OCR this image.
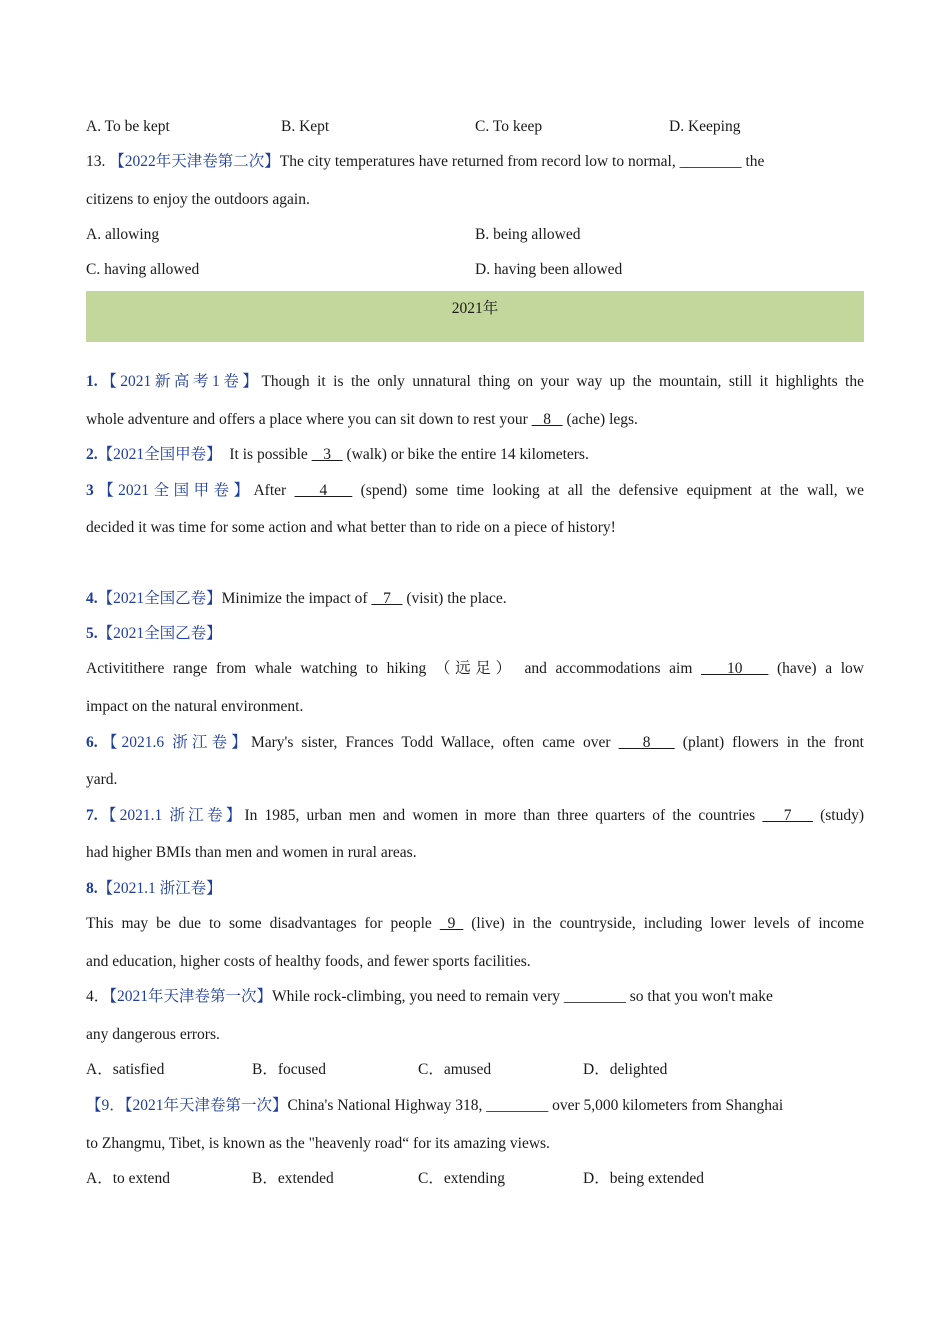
A. To be kept	B. Kept	C. To keep	D. Keeping
13. 【2022年天津卷第二次】The city temperatures have returned from record low to normal, ________ the
citizens to enjoy the outdoors again.
A. allowing	B. being allowed
C. having allowed	D. having been allowed
2021年
1.【2021新高考1卷】Though it is the only unnatural thing on your way up the mountain, still it highlights the
whole adventure and offers a place where you can sit down to rest your    8    (ache) legs.
2.【2021全国甲卷】  It is possible    3    (walk) or bike the entire 14 kilometers.
3【2021全国甲卷】After    4    (spend) some time looking at all the defensive equipment at the wall, we
decided it was time for some action and what better than to ride on a piece of history!
4.【2021全国乙卷】Minimize the impact of    7    (visit) the place.
5.【2021全国乙卷】
Activitithere range from whale watching to hiking （远足） and accommodations aim    10    (have) a low
impact on the natural environment.
6.【2021.6 浙江卷】Mary's sister, Frances Todd Wallace, often came over    8    (plant) flowers in the front
yard.
7.【2021.1 浙江卷】In 1985, urban men and women in more than three quarters of the countries    7    (study)
had higher BMIs than men and women in rural areas.
8.【2021.1 浙江卷】
This may be due to some disadvantages for people  9  (live) in the countryside, including lower levels of income
and education, higher costs of healthy foods, and fewer sports facilities.
4．【2021年天津卷第一次】While rock-climbing, you need to remain very ________ so that you won't make
any dangerous errors.
A．satisfied	B．focused	C．amused	D．delighted
【9．【2021年天津卷第一次】China's National Highway 318, ________ over 5,000 kilometers from Shanghai
to Zhangmu, Tibet, is known as the "heavenly road“ for its amazing views.
A．to extend	B．extended	C．extending	D．being extended
